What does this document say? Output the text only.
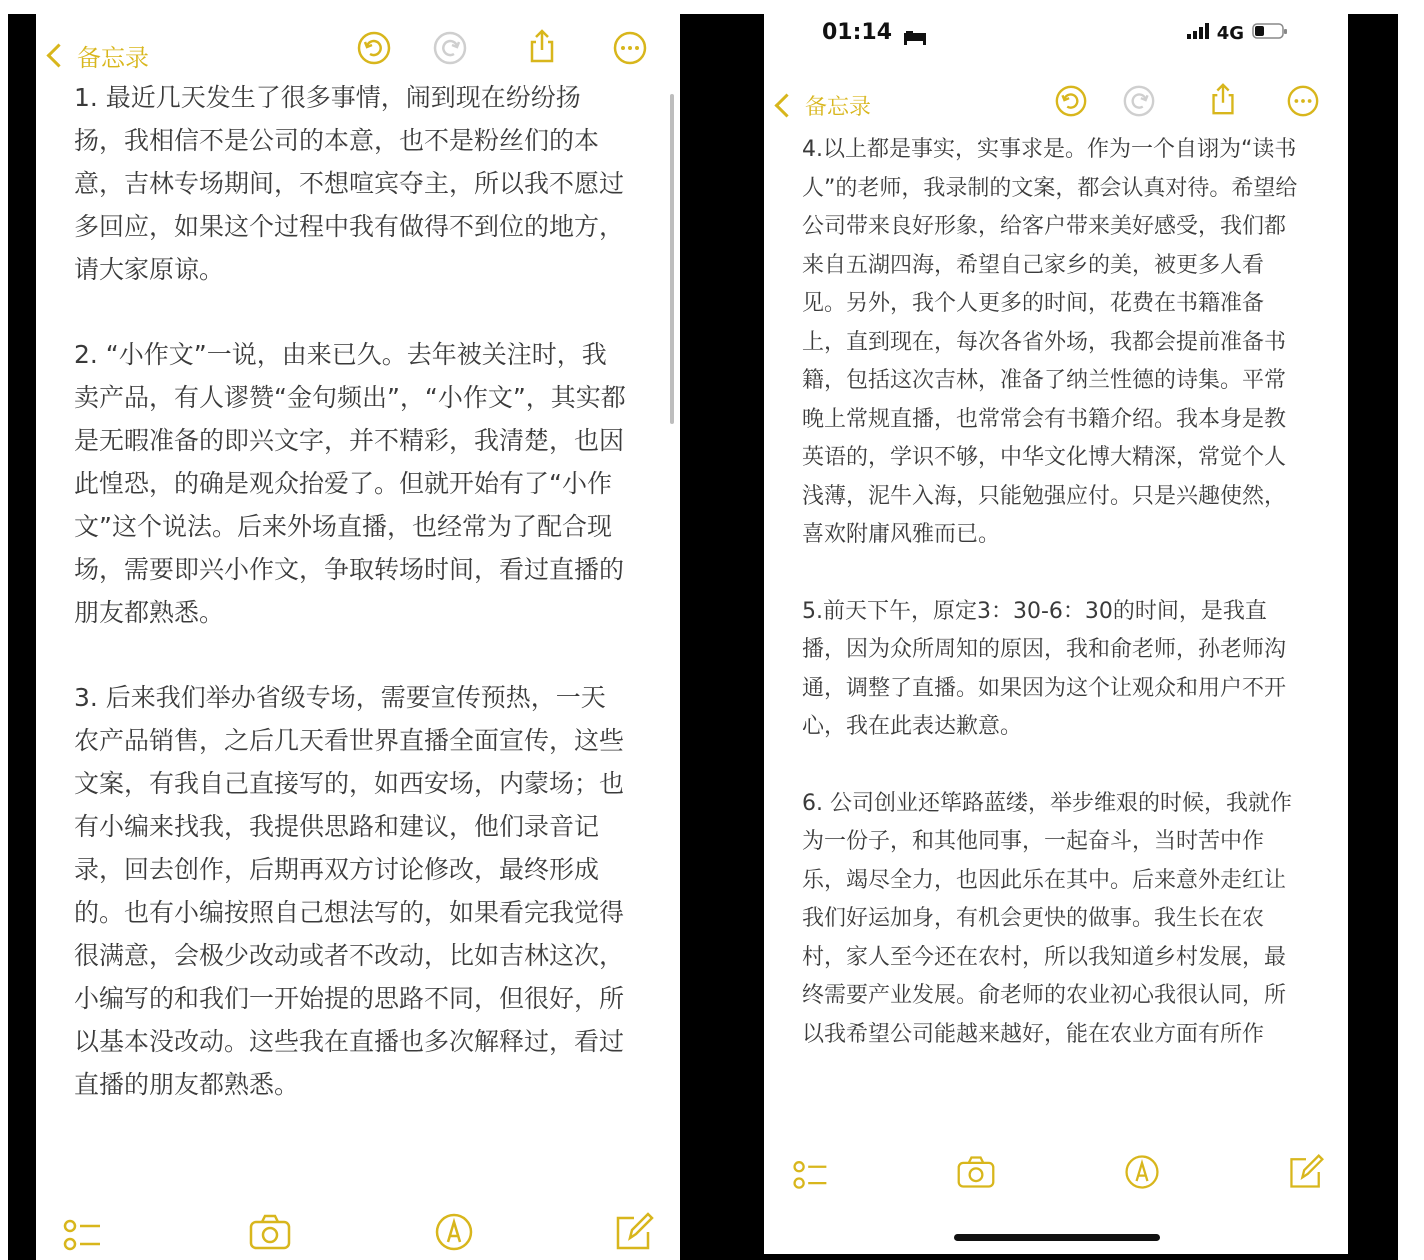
备忘录

1. 最近几天发生了很多事情，闹到现在纷纷扬扬，我相信不是公司的本意，也不是粉丝们的本意，吉林专场期间，不想喧宾夺主，所以我不愿过多回应，如果这个过程中我有做得不到位的地方，请大家原谅。

2. “小作文”一说，由来已久。去年被关注时，我卖产品，有人谬赞“金句频出”，“小作文”，其实都是无暇准备的即兴文字，并不精彩，我清楚，也因此惶恐，的确是观众抬爱了。但就开始有了“小作文”这个说法。后来外场直播，也经常为了配合现场，需要即兴小作文，争取转场时间，看过直播的朋友都熟悉。

3. 后来我们举办省级专场，需要宣传预热，一天农产品销售，之后几天看世界直播全面宣传，这些文案，有我自己直接写的，如西安场，内蒙场；也有小编来找我，我提供思路和建议，他们录音记录，回去创作，后期再双方讨论修改，最终形成的。也有小编按照自己想法写的，如果看完我觉得很满意，会极少改动或者不改动，比如吉林这次，小编写的和我们一开始提的思路不同，但很好，所以基本没改动。这些我在直播也多次解释过，看过直播的朋友都熟悉。

01:14	4G
备忘录

4.以上都是事实，实事求是。作为一个自诩为“读书人”的老师，我录制的文案，都会认真对待。希望给公司带来良好形象，给客户带来美好感受，我们都来自五湖四海，希望自己家乡的美，被更多人看见。另外，我个人更多的时间，花费在书籍准备上，直到现在，每次各省外场，我都会提前准备书籍，包括这次吉林，准备了纳兰性德的诗集。平常晚上常规直播，也常常会有书籍介绍。我本身是教英语的，学识不够，中华文化博大精深，常觉个人浅薄，泥牛入海，只能勉强应付。只是兴趣使然，喜欢附庸风雅而已。

5.前天下午，原定3：30-6：30的时间，是我直播，因为众所周知的原因，我和俞老师，孙老师沟通，调整了直播。如果因为这个让观众和用户不开心，我在此表达歉意。

6. 公司创业还筚路蓝缕，举步维艰的时候，我就作为一份子，和其他同事，一起奋斗，当时苦中作乐，竭尽全力，也因此乐在其中。后来意外走红让我们好运加身，有机会更快的做事。我生长在农村，家人至今还在农村，所以我知道乡村发展，最终需要产业发展。俞老师的农业初心我很认同，所以我希望公司能越来越好，能在农业方面有所作
